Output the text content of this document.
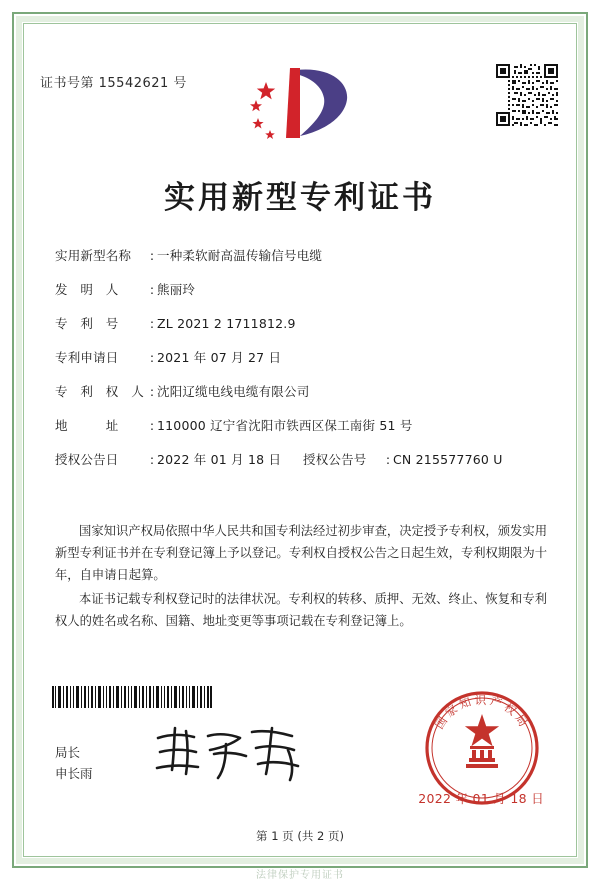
证书号第 15542621 号
实用新型专利证书
实用新型名称	: 一种柔软耐高温传输信号电缆
发　明　人	: 熊丽玲
专　利　号	: ZL 2021 2 1711812.9
专利申请日	: 2021 年 07 月 27 日
专　利　权　人 : 沈阳辽缆电线电缆有限公司
地　　　址	: 110000 辽宁省沈阳市铁西区保工南街 51 号
授权公告日	: 2022 年 01 月 18 日	授权公告号	: CN 215577760 U

国家知识产权局依照中华人民共和国专利法经过初步审查，决定授予专利权，颁发实用新型专利证书并在专利登记簿上予以登记。专利权自授权公告之日起生效，专利权期限为十年，自申请日起算。

本证书记载专利权登记时的法律状况。专利权的转移、质押、无效、终止、恢复和专利权人的姓名或名称、国籍、地址变更等事项记载在专利登记簿上。

局长
申长雨
国家知识产权局
2022 年 01 月 18 日
第 1 页 (共 2 页)
法律保护专用证书
